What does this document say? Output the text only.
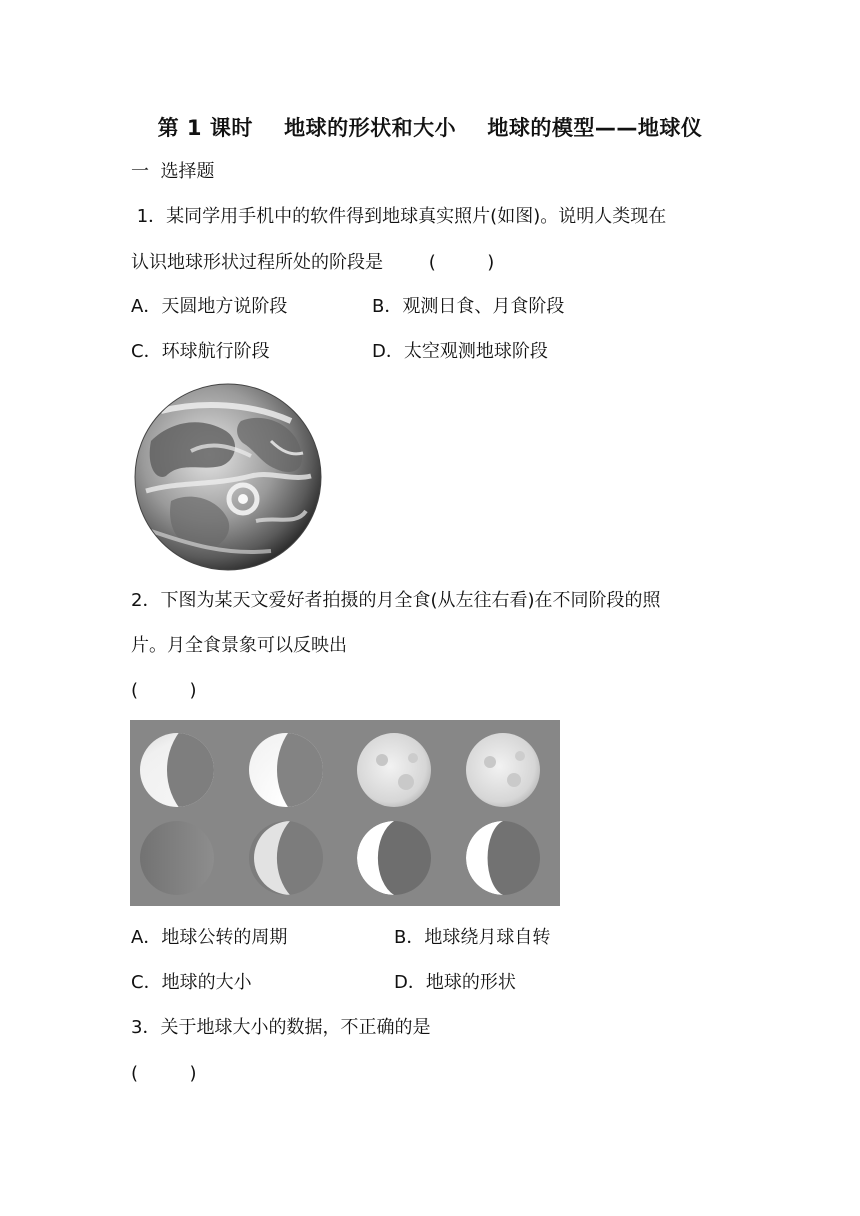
第 1 课时    地球的形状和大小    地球的模型——地球仪
一  选择题
1．某同学用手机中的软件得到地球真实照片(如图)。说明人类现在
认识地球形状过程所处的阶段是        (         )
A．天圆地方说阶段	B．观测日食、月食阶段
C．环球航行阶段	D．太空观测地球阶段
2．下图为某天文爱好者拍摄的月全食(从左往右看)在不同阶段的照
片。月全食景象可以反映出
(         )
A．地球公转的周期	B．地球绕月球自转
C．地球的大小	D．地球的形状
3．关于地球大小的数据，不正确的是
(         )
